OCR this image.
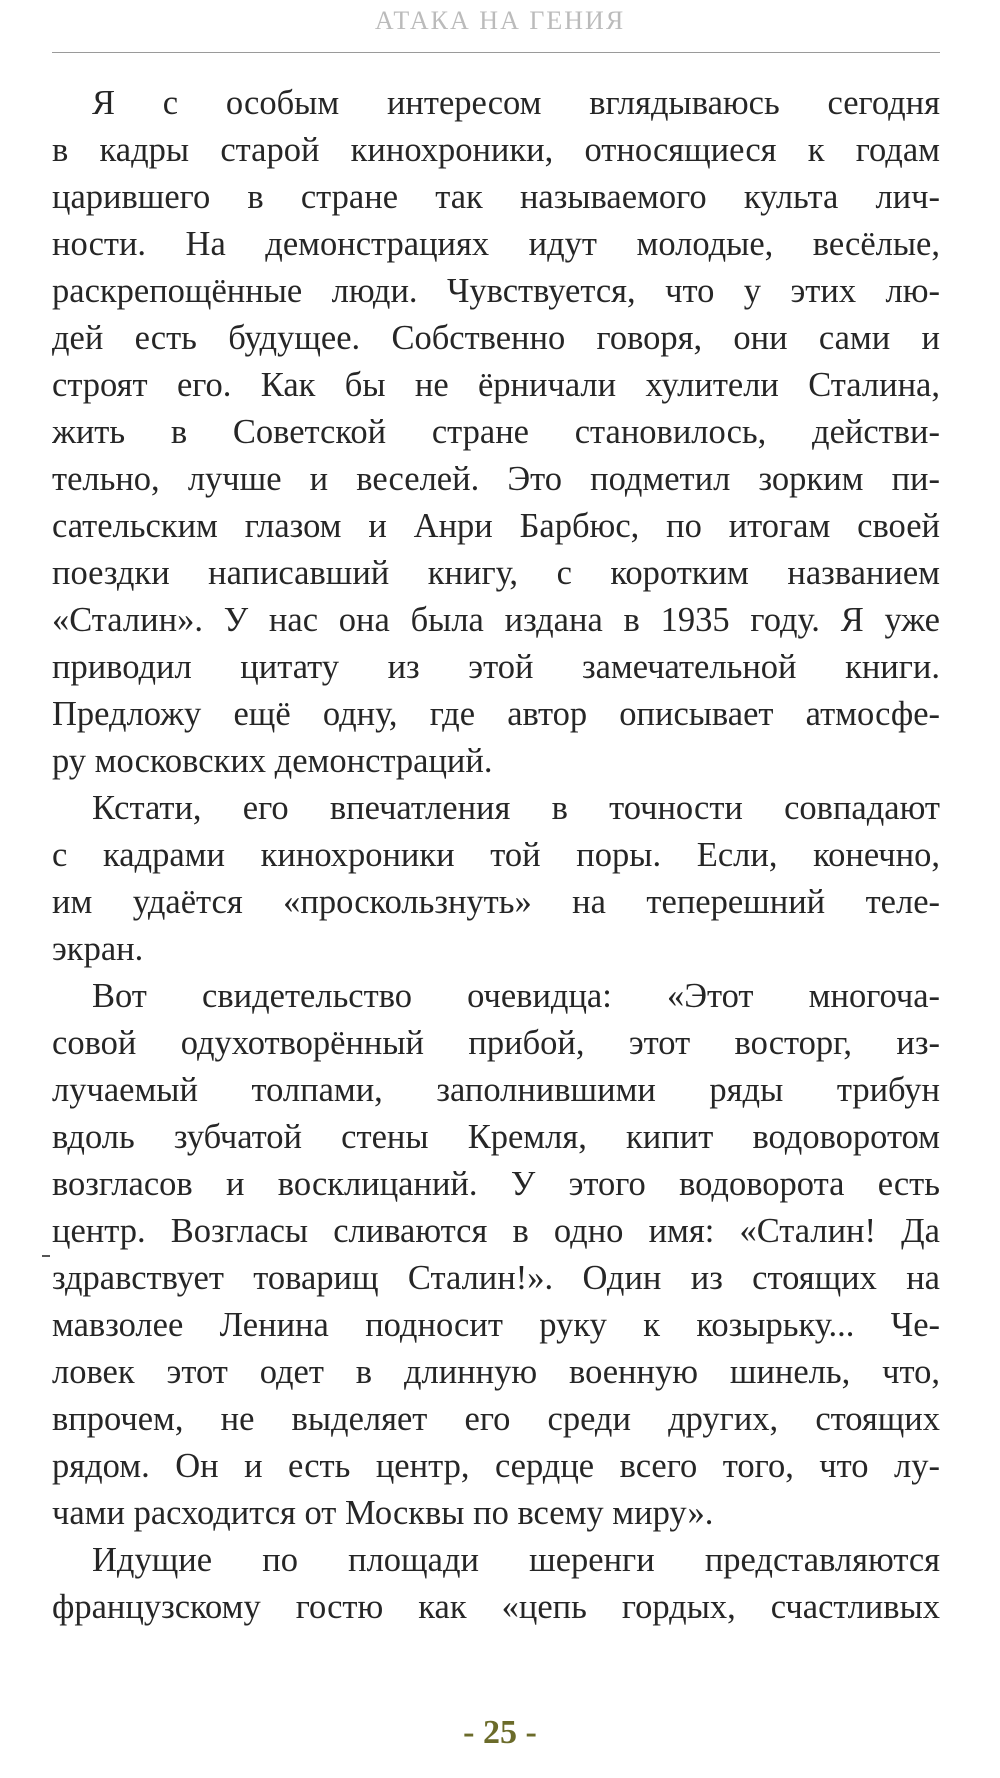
АТАКА НА ГЕНИЯ
Я с особым интересом вглядываюсь сегодня
в кадры старой кинохроники, относящиеся к годам
царившего в стране так называемого культа лич-
ности. На демонстрациях идут молодые, весёлые,
раскрепощённые люди. Чувствуется, что у этих лю-
дей есть будущее. Собственно говоря, они сами и
строят его. Как бы не ёрничали хулители Сталина,
жить в Советской стране становилось, действи-
тельно, лучше и веселей. Это подметил зорким пи-
сательским глазом и Анри Барбюс, по итогам своей
поездки написавший книгу, с коротким названием
«Сталин». У нас она была издана в 1935 году. Я уже
приводил цитату из этой замечательной книги.
Предложу ещё одну, где автор описывает атмосфе-
ру московских демонстраций.
Кстати, его впечатления в точности совпадают
с кадрами кинохроники той поры. Если, конечно,
им удаётся «проскользнуть» на теперешний теле-
экран.
Вот свидетельство очевидца: «Этот многоча-
совой одухотворённый прибой, этот восторг, из-
лучаемый толпами, заполнившими ряды трибун
вдоль зубчатой стены Кремля, кипит водоворотом
возгласов и восклицаний. У этого водоворота есть
центр. Возгласы сливаются в одно имя: «Сталин! Да
здравствует товарищ Сталин!». Один из стоящих на
мавзолее Ленина подносит руку к козырьку... Че-
ловек этот одет в длинную военную шинель, что,
впрочем, не выделяет его среди других, стоящих
рядом. Он и есть центр, сердце всего того, что лу-
чами расходится от Москвы по всему миру».
Идущие по площади шеренги представляются
французскому гостю как «цепь гордых, счастливых
- 25 -
